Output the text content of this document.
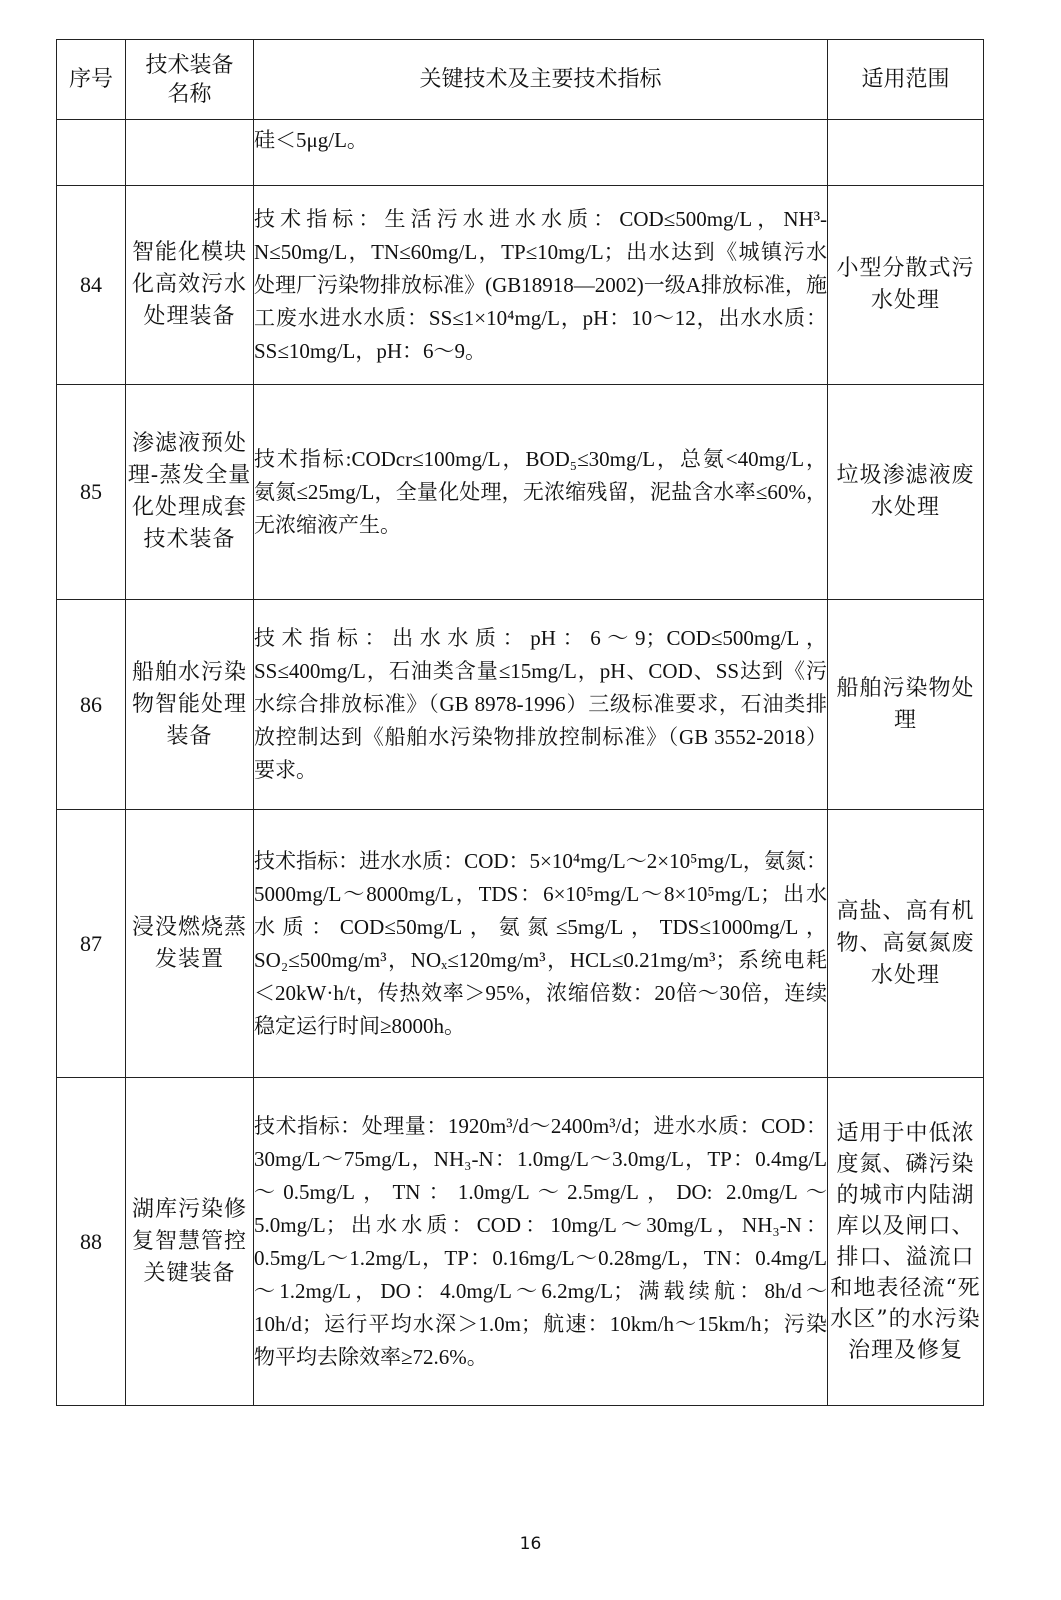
序号	技术装备名称	关键技术及主要技术指标	适用范围
		硅＜5μg/L。	
84	智能化模块化高效污水处理装备	技术指标：生活污水进水水质：COD≤500mg/L，NH³-N≤50mg/L，TN≤60mg/L，TP≤10mg/L；出水达到《城镇污水处理厂污染物排放标准》(GB18918—2002)一级A排放标准，施工废水进水水质：SS≤1×10⁴mg/L，pH：10～12，出水水质：SS≤10mg/L，pH：6～9。	小型分散式污水处理
85	渗滤液预处理-蒸发全量化处理成套技术装备	技术指标:CODcr≤100mg/L，BOD₅≤30mg/L，总氨<40mg/L，氨氮≤25mg/L，全量化处理，无浓缩残留，泥盐含水率≤60%，无浓缩液产生。	垃圾渗滤液废水处理
86	船舶水污染物智能处理装备	技术指标：出水水质：pH：6～9；COD≤500mg/L，SS≤400mg/L，石油类含量≤15mg/L，pH、COD、SS达到《污水综合排放标准》（GB 8978-1996）三级标准要求，石油类排放控制达到《船舶水污染物排放控制标准》（GB 3552-2018）要求。	船舶污染物处理
87	浸没燃烧蒸发装置	技术指标：进水水质：COD：5×10⁴mg/L～2×10⁵mg/L，氨氮：5000mg/L～8000mg/L，TDS：6×10⁵mg/L～8×10⁵mg/L；出水水质：COD≤50mg/L，氨氮≤5mg/L，TDS≤1000mg/L，SO₂≤500mg/m³，NOₓ≤120mg/m³，HCL≤0.21mg/m³；系统电耗＜20kW·h/t，传热效率＞95%，浓缩倍数：20倍～30倍，连续稳定运行时间≥8000h。	高盐、高有机物、高氨氮废水处理
88	湖库污染修复智慧管控关键装备	技术指标：处理量：1920m³/d～2400m³/d；进水水质：COD：30mg/L～75mg/L，NH₃-N：1.0mg/L～3.0mg/L，TP：0.4mg/L～0.5mg/L，TN：1.0mg/L～2.5mg/L，DO: 2.0mg/L～5.0mg/L；出水水质：COD：10mg/L～30mg/L，NH₃-N：0.5mg/L～1.2mg/L，TP：0.16mg/L～0.28mg/L，TN：0.4mg/L～1.2mg/L，DO：4.0mg/L～6.2mg/L；满载续航：8h/d～10h/d；运行平均水深＞1.0m；航速：10km/h～15km/h；污染物平均去除效率≥72.6%。	适用于中低浓度氮、磷污染的城市内陆湖库以及闸口、排口、溢流口和地表径流“死水区”的水污染治理及修复
16
